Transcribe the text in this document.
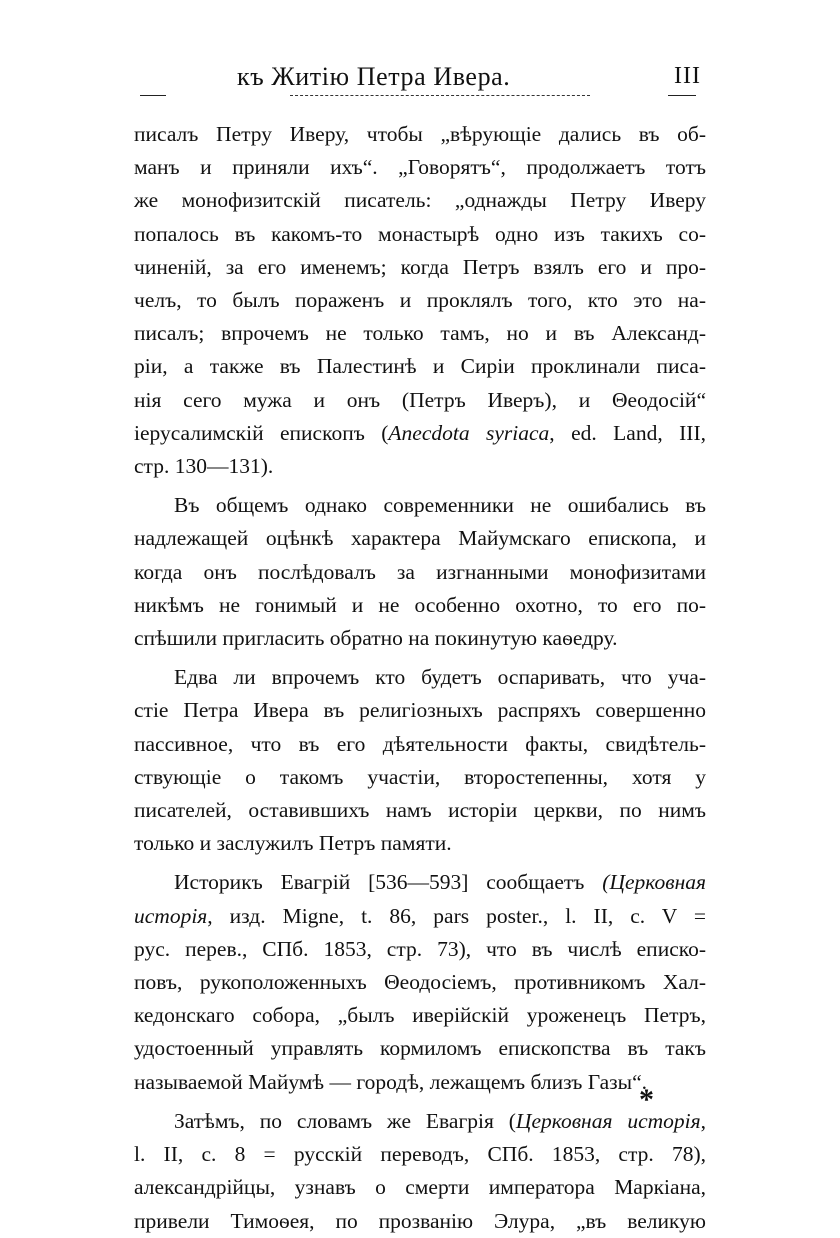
къ Житію Петра Ивера.	III

писалъ Петру Иверу, чтобы „вѣрующіе дались въ об-
манъ и приняли ихъ“. „Говорятъ“, продолжаетъ тотъ
же монофизитскій писатель: „однажды Петру Иверу
попалось въ какомъ-то монастырѣ одно изъ такихъ со-
чиненій, за его именемъ; когда Петръ взялъ его и про-
челъ, то былъ пораженъ и проклялъ того, кто это на-
писалъ; впрочемъ не только тамъ, но и въ Александ-
ріи, а также въ Палестинѣ и Сиріи проклинали писа-
нія сего мужа и онъ (Петръ Иверъ), и Θеодосій“
іерусалимскій епископъ (Anecdota syriaca, ed. Land, III,
стр. 130—131).

Въ общемъ однако современники не ошибались въ
надлежащей оцѣнкѣ характера Майумскаго епископа, и
когда онъ послѣдовалъ за изгнанными монофизитами
никѣмъ не гонимый и не особенно охотно, то его по-
спѣшили пригласить обратно на покинутую каѳедру.

Едва ли впрочемъ кто будетъ оспаривать, что уча-
стіе Петра Ивера въ религіозныхъ распряхъ совершенно
пассивное, что въ его дѣятельности факты, свидѣтель-
ствующіе о такомъ участіи, второстепенны, хотя у
писателей, оставившихъ намъ исторіи церкви, по нимъ
только и заслужилъ Петръ памяти.

Историкъ Евагрій [536—593] сообщаетъ (Церковная
исторія, изд. Migne, t. 86, pars poster., l. II, c. V =
рус. перев., СПб. 1853, стр. 73), что въ числѣ еписко-
повъ, рукоположенныхъ Θеодосіемъ, противникомъ Хал-
кедонскаго собора, „былъ иверійскій уроженецъ Петръ,
удостоенный управлять кормиломъ епископства въ такъ
называемой Майумѣ — городѣ, лежащемъ близъ Газы“.

Затѣмъ, по словамъ же Евагрія (Церковная исторія,
l. II, c. 8 = русскій переводъ, СПб. 1853, стр. 78),
александрійцы, узнавъ о смерти императора Маркіана,
привели Тимоѳея, по прозванію Элура, „въ великую

*
